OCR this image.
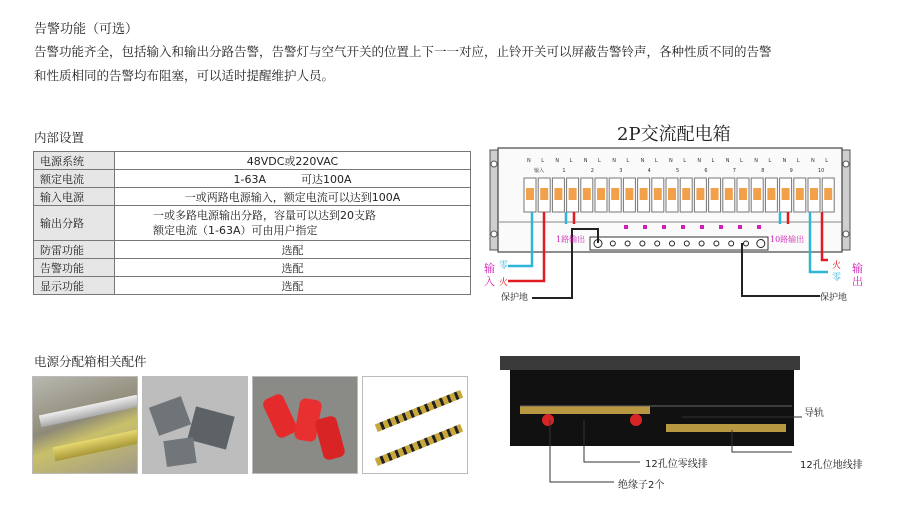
告警功能（可选）
告警功能齐全，包括输入和输出分路告警，告警灯与空气开关的位置上下一一对应，止铃开关可以屏蔽告警铃声，各种性质不同的告警
和性质相同的告警均布阻塞，可以适时提醒维护人员。
内部设置
电源系统	48VDC或220VAC
额定电流	1-63A          可达100A
输入电源	一或两路电源输入，额定电流可以达到100A
输出分路	一或多路电源输出分路，容量可以达到20支路
额定电流（1-63A）可由用户指定

防雷功能	选配
告警功能	选配
显示功能	选配
2P交流配电箱
N L N L N L N L N L N L N L N L N L N L N L
输入	1	2	3	4	5	6	7	8	9	10
1路输出	10路输出
零
火
输入
保护地
火
零
输出
保护地
电源分配箱相关配件
导轨
12孔位零线排	12孔位地线排
绝缘子2个
